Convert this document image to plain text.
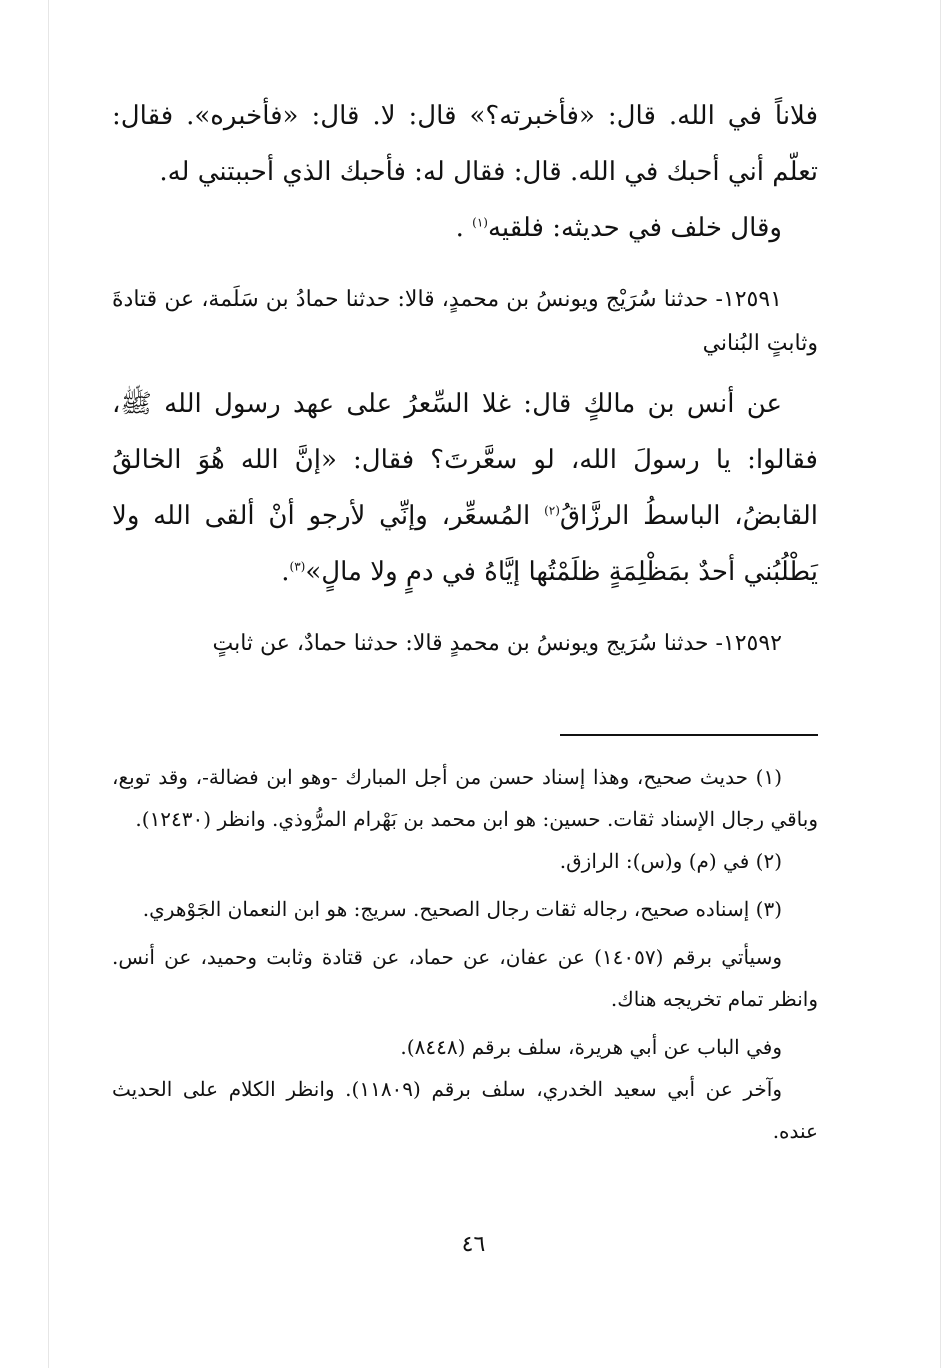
فلاناً في الله. قال: «فأخبرته؟» قال: لا. قال: «فأخبره». فقال: تعلّم أني أحبك في الله. قال: فقال له: فأحبك الذي أحببتني له.

وقال خلف في حديثه: فلقيه$^{(١)}$ .

١٢٥٩١- حدثنا سُرَيْج ويونسُ بن محمدٍ، قالا: حدثنا حمادُ بن سَلَمة، عن قتادةَ وثابتٍ البُناني

عن أنس بن مالكٍ قال: غلا السِّعرُ على عهد رسول الله ﷺ، فقالوا: يا رسولَ الله، لو سعَّرتَ؟ فقال: «إنَّ الله هُوَ الخالقُ القابضُ، الباسطُ الرزَّاقُ$^{(٢)}$ المُسعِّر، وإنِّي لأرجو أنْ ألقى الله ولا يَطْلُبُني أحدٌ بمَظْلِمَةٍ ظلَمْتُها إيَّاهُ في دمٍ ولا مالٍ»$^{(٣)}$.

١٢٥٩٢- حدثنا سُرَيج ويونسُ بن محمدٍ قالا: حدثنا حمادٌ، عن ثابتٍ

(١) حديث صحيح، وهذا إسناد حسن من أجل المبارك -وهو ابن فضالة-، وقد توبع، وباقي رجال الإسناد ثقات. حسين: هو ابن محمد بن بَهْرام المرُّوذي. وانظر (١٢٤٣٠).

(٢) في (م) و(س): الرازق.

(٣) إسناده صحيح، رجاله ثقات رجال الصحيح. سريج: هو ابن النعمان الجَوْهري.

وسيأتي برقم (١٤٠٥٧) عن عفان، عن حماد، عن قتادة وثابت وحميد، عن أنس. وانظر تمام تخريجه هناك.

وفي الباب عن أبي هريرة، سلف برقم (٨٤٤٨).

وآخر عن أبي سعيد الخدري، سلف برقم (١١٨٠٩). وانظر الكلام على الحديث عنده.

٤٦
